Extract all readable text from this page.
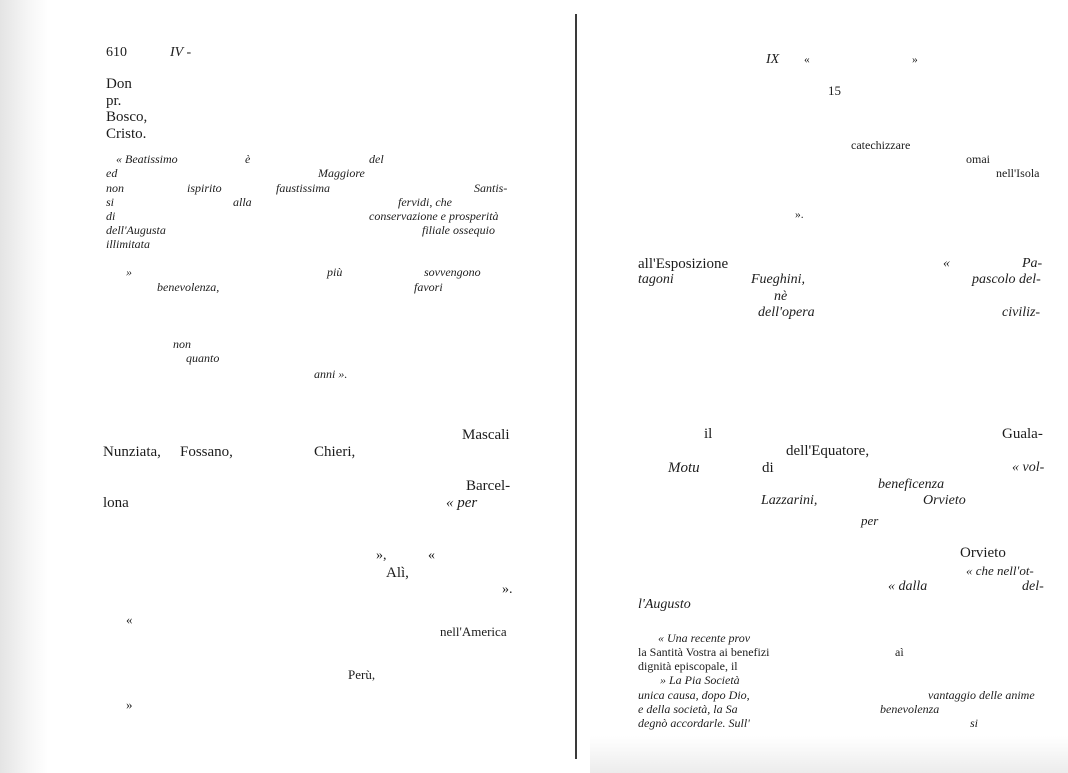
610	IV -
Don
pr.
Bosco,
Cristo.
« Beatissimo	è	del
ed	Maggiore
non	ispirito	faustissima	Santis-
si	alla	fervidi, che
di	conservazione e prosperità
dell'Augusta	filiale ossequio
illimitata
»	più	sovvengono
benevolenza,	favori
non
quanto
anni ».
Mascali
Nunziata, Fossano,	Chieri,
Barcel-
lona	« per
»,	«
Alì,
».
«
nell'America
Perù,
»
IX «	»
15
catechizzare
omai
nell'Isola
».
all'Esposizione	«	Pa-
tagoni	Fueghini,	pascolo del-
nè
dell'opera	civiliz-
il	Guala-
dell'Equatore,
Motu	di	« vol-
beneficenza
Lazzarini,	Orvieto
per
Orvieto
« che nell'ot-
« dalla	del-
l'Augusto
« Una recente prov
la Santità Vostra ai benefizi	aì
dignità episcopale, il
» La Pia Società
unica causa, dopo Dio,	vantaggio delle anime
e della società, la Sa	benevolenza
degnò accordarle. Sull'	si
